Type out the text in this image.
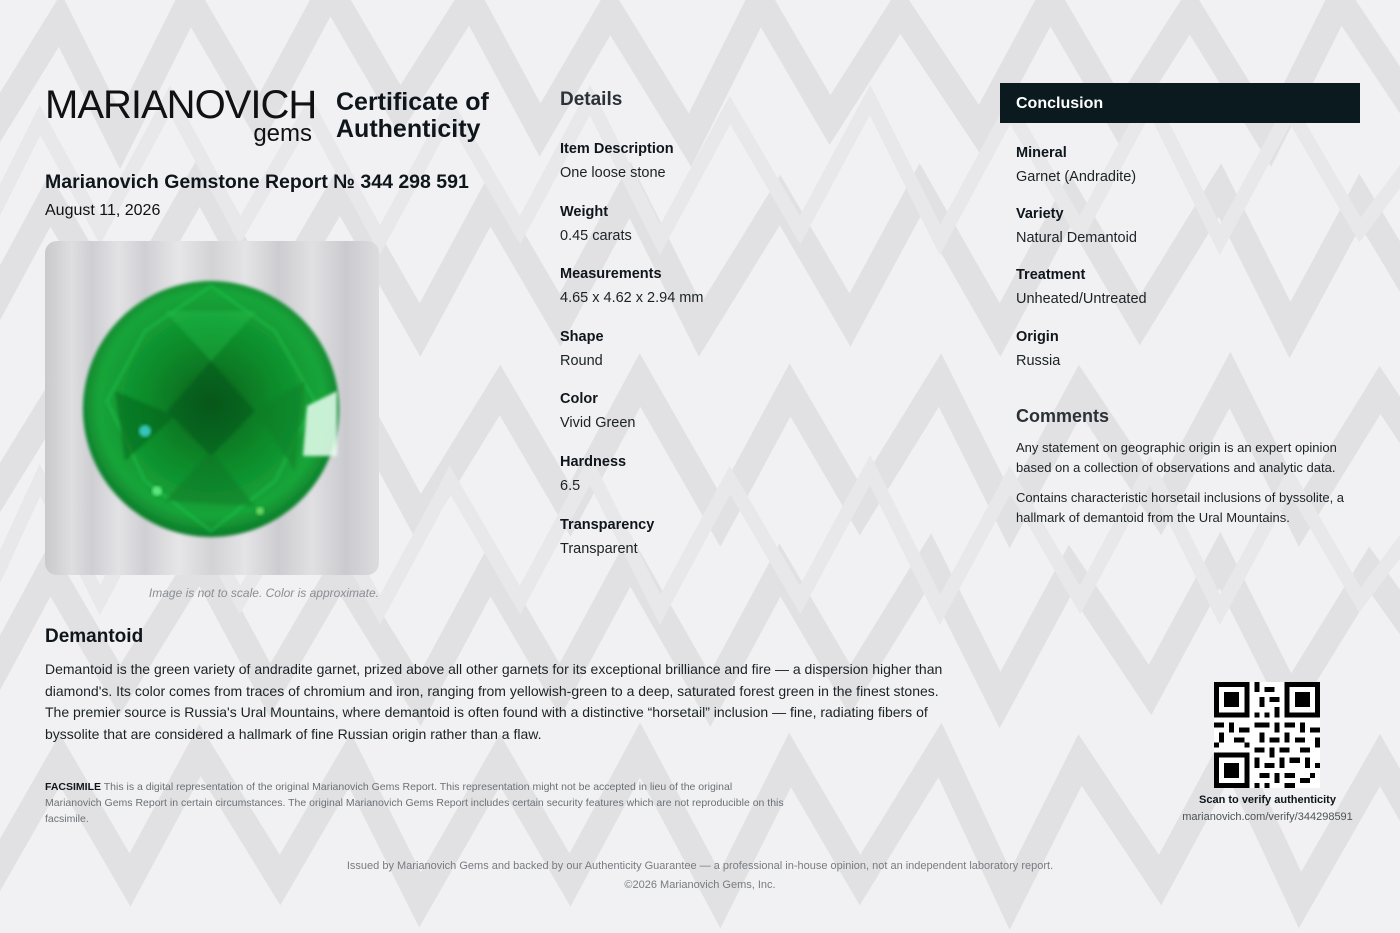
MARIANOVICH
gems
Certificate of
Authenticity
Marianovich Gemstone Report № 344 298 591
August 11, 2026
Image is not to scale. Color is approximate.
Details
Item Description
One loose stone
Weight
0.45 carats
Measurements
4.65 x 4.62 x 2.94 mm
Shape
Round
Color
Vivid Green
Hardness
6.5
Transparency
Transparent
Conclusion
Mineral
Garnet (Andradite)
Variety
Natural Demantoid
Treatment
Unheated/Untreated
Origin
Russia
Comments
Any statement on geographic origin is an expert opinion based on a collection of observations and analytic data.
Contains characteristic horsetail inclusions of byssolite, a hallmark of demantoid from the Ural Mountains.
Demantoid
Demantoid is the green variety of andradite garnet, prized above all other garnets for its exceptional brilliance and fire — a dispersion higher than diamond's. Its color comes from traces of chromium and iron, ranging from yellowish-green to a deep, saturated forest green in the finest stones. The premier source is Russia's Ural Mountains, where demantoid is often found with a distinctive “horsetail” inclusion — fine, radiating fibers of byssolite that are considered a hallmark of fine Russian origin rather than a flaw.
FACSIMILE This is a digital representation of the original Marianovich Gems Report. This representation might not be accepted in lieu of the original Marianovich Gems Report in certain circumstances. The original Marianovich Gems Report includes certain security features which are not reproducible on this facsimile.
Scan to verify authenticity
marianovich.com/verify/344298591
Issued by Marianovich Gems and backed by our Authenticity Guarantee — a professional in-house opinion, not an independent laboratory report.
©2026 Marianovich Gems, Inc.
